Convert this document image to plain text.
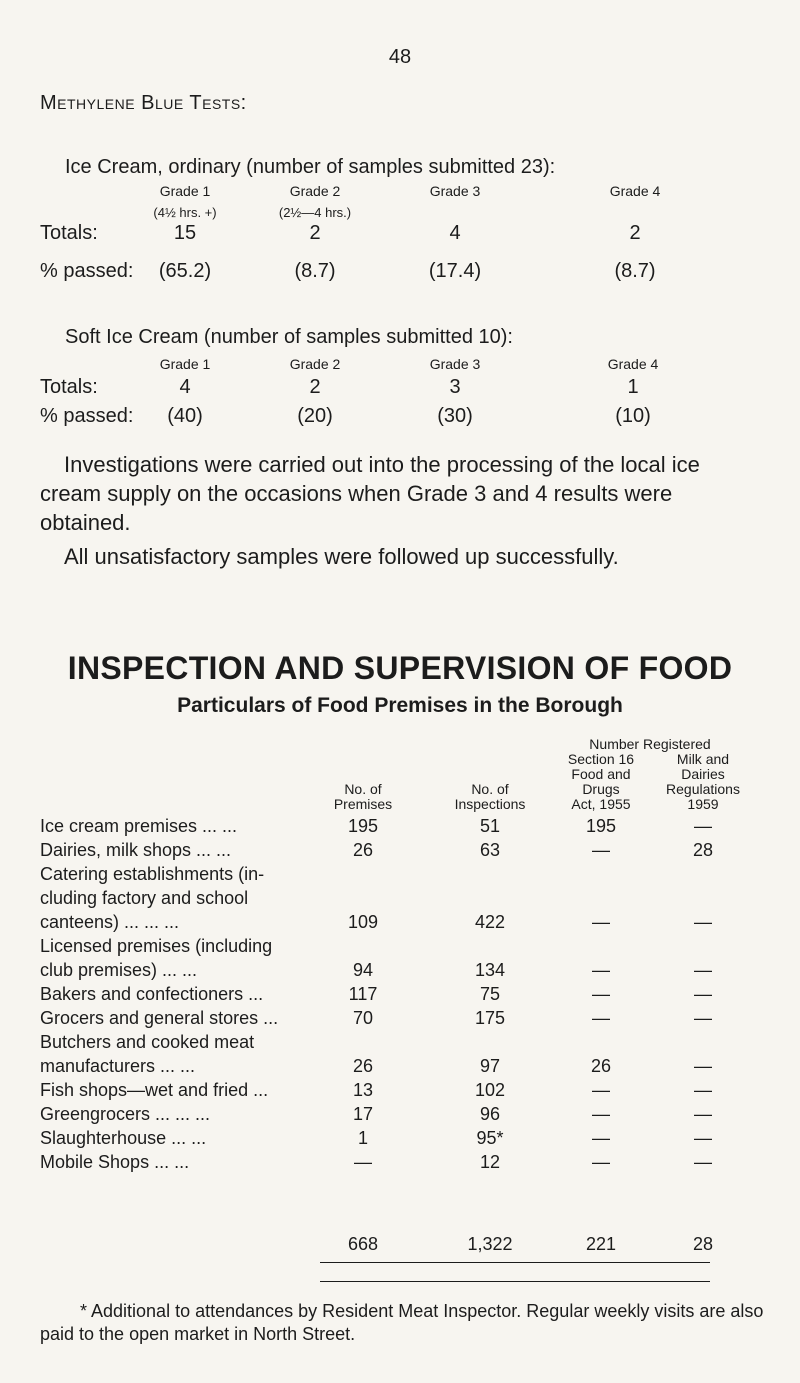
48
Methylene Blue Tests:
Ice Cream, ordinary (number of samples submitted 23):
Grade 1	Grade 2	Grade 3	Grade 4
(4½ hrs. +)	(2½—4 hrs.)
Totals:	15	2	4	2
% passed:	(65.2)	(8.7)	(17.4)	(8.7)
Soft Ice Cream (number of samples submitted 10):
Grade 1	Grade 2	Grade 3	Grade 4
Totals:	4	2	3	1
% passed:	(40)	(20)	(30)	(10)
Investigations were carried out into the processing of the local ice cream supply on the occasions when Grade 3 and 4 results were obtained.
All unsatisfactory samples were followed up successfully.
INSPECTION AND SUPERVISION OF FOOD
Particulars of Food Premises in the Borough
Number Registered
No. of
Premises
No. of
Inspections
Section 16
Food and
Drugs
Act, 1955
Milk and
Dairies
Regulations
1959
Ice cream premises ... ...	195	51	195	—
Dairies, milk shops ... ...	26	63	—	28
Catering establishments (in-
cluding factory and school
canteens) ... ... ...	109	422	—	—
Licensed premises (including
club premises) ... ...	94	134	—	—
Bakers and confectioners ...	117	75	—	—
Grocers and general stores ...	70	175	—	—
Butchers and cooked meat
manufacturers ... ...	26	97	26	—
Fish shops—wet and fried ...	13	102	—	—
Greengrocers ... ... ...	17	96	—	—
Slaughterhouse ... ...	1	95*	—	—
Mobile Shops ... ...	—	12	—	—
668	1,322	221	28
* Additional to attendances by Resident Meat Inspector. Regular weekly visits are also paid to the open market in North Street.
